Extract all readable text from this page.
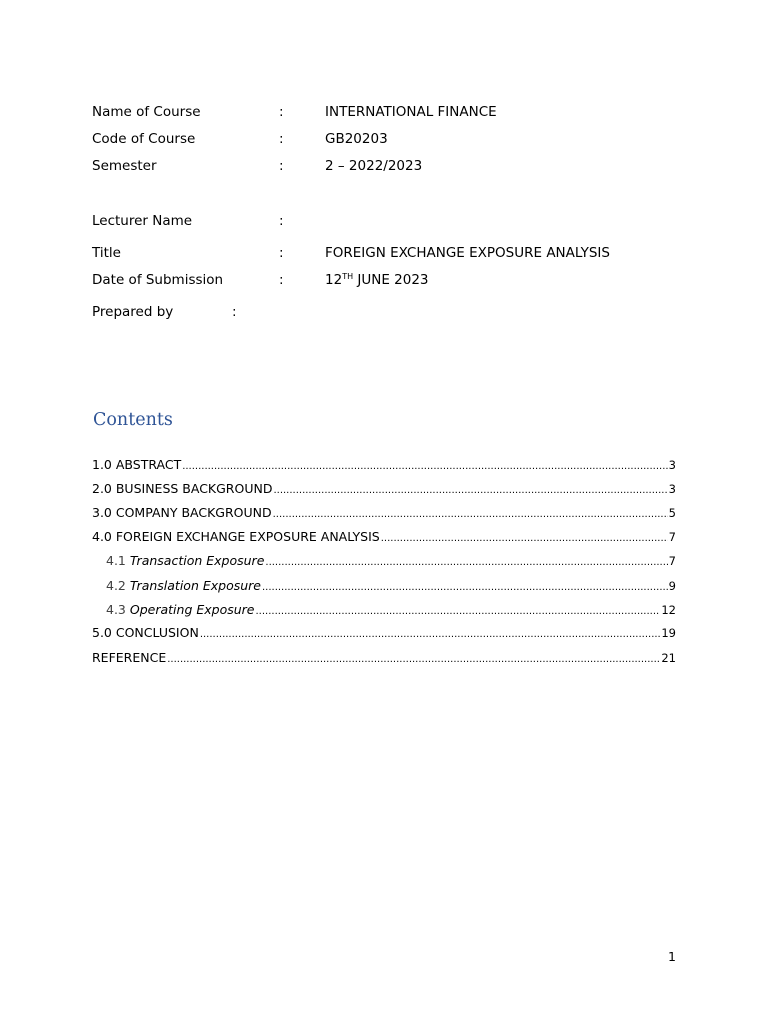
Name of Course	:	INTERNATIONAL FINANCE
Code of Course	:	GB20203
Semester	:	2 – 2022/2023
Lecturer Name	:
Title	:	FOREIGN EXCHANGE EXPOSURE ANALYSIS
Date of Submission	:	12TH JUNE 2023
Prepared by	:
Contents
1.0 ABSTRACT .....	3
2.0 BUSINESS BACKGROUND .....	3
3.0 COMPANY BACKGROUND .....	5
4.0 FOREIGN EXCHANGE EXPOSURE ANALYSIS .....	7
4.1 Transaction Exposure .....	7
4.2 Translation Exposure .....	9
4.3 Operating Exposure .....	12
5.0 CONCLUSION .....	19
REFERENCE .....	21
1
